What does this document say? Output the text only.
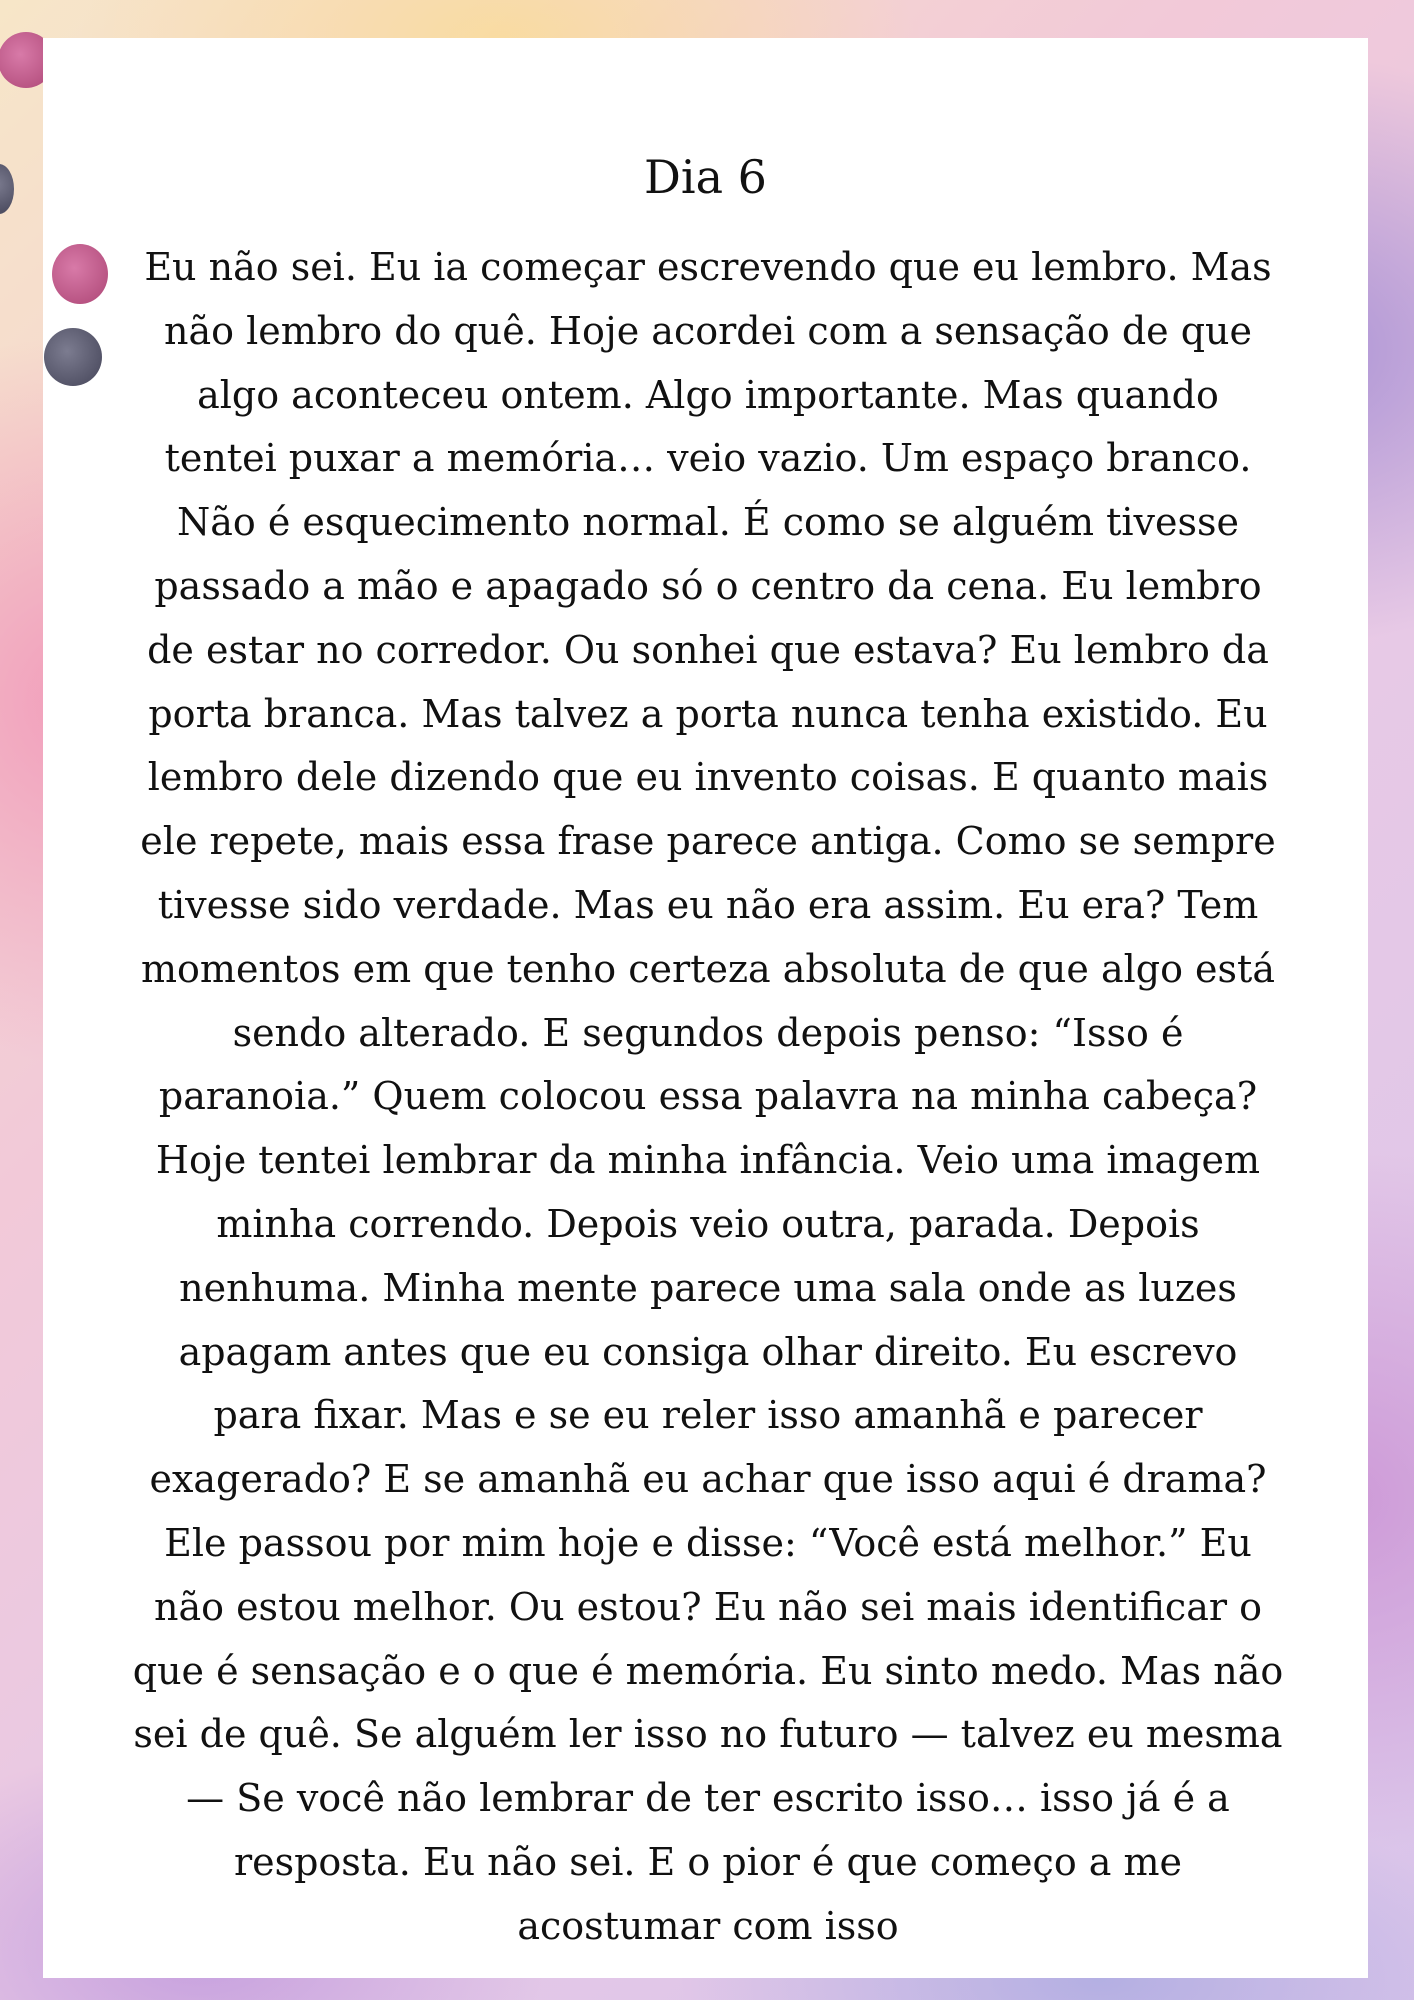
Dia 6

Eu não sei. Eu ia começar escrevendo que eu lembro. Mas
não lembro do quê. Hoje acordei com a sensação de que
algo aconteceu ontem. Algo importante. Mas quando
tentei puxar a memória… veio vazio. Um espaço branco.
Não é esquecimento normal. É como se alguém tivesse
passado a mão e apagado só o centro da cena. Eu lembro
de estar no corredor. Ou sonhei que estava? Eu lembro da
porta branca. Mas talvez a porta nunca tenha existido. Eu
lembro dele dizendo que eu invento coisas. E quanto mais
ele repete, mais essa frase parece antiga. Como se sempre
tivesse sido verdade. Mas eu não era assim. Eu era? Tem
momentos em que tenho certeza absoluta de que algo está
sendo alterado. E segundos depois penso: “Isso é
paranoia.” Quem colocou essa palavra na minha cabeça?
Hoje tentei lembrar da minha infância. Veio uma imagem
minha correndo. Depois veio outra, parada. Depois
nenhuma. Minha mente parece uma sala onde as luzes
apagam antes que eu consiga olhar direito. Eu escrevo
para fixar. Mas e se eu reler isso amanhã e parecer
exagerado? E se amanhã eu achar que isso aqui é drama?
Ele passou por mim hoje e disse: “Você está melhor.” Eu
não estou melhor. Ou estou? Eu não sei mais identificar o
que é sensação e o que é memória. Eu sinto medo. Mas não
sei de quê. Se alguém ler isso no futuro — talvez eu mesma
— Se você não lembrar de ter escrito isso… isso já é a
resposta. Eu não sei. E o pior é que começo a me
acostumar com isso
